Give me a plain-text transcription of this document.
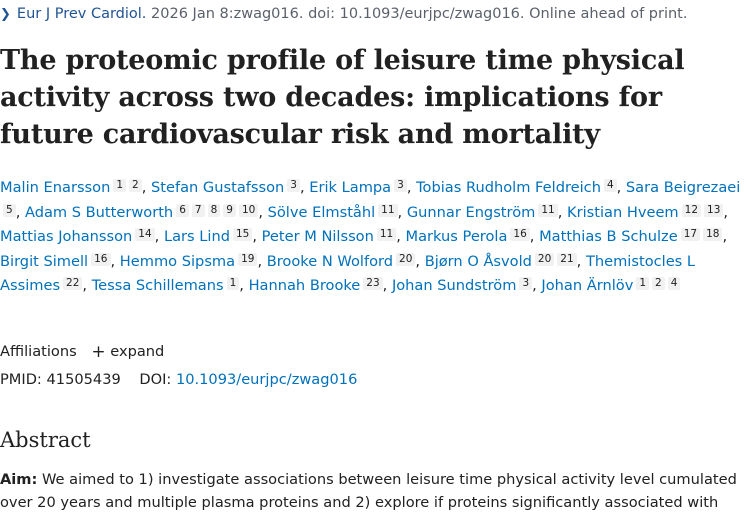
❯ Eur J Prev Cardiol. 2026 Jan 8:zwag016. doi: 10.1093/eurjpc/zwag016. Online ahead of print.
The proteomic profile of leisure time physical activity across two decades: implications for future cardiovascular risk and mortality
Malin Enarsson 1 2 , Stefan Gustafsson 3 , Erik Lampa 3 , Tobias Rudholm Feldreich 4 , Sara Beigrezaei5 , Adam S Butterworth 6 7 8 9 10 , Sölve Elmståhl 11 , Gunnar Engström 11 , Kristian Hveem 12 13 , Mattias Johansson 14 , Lars Lind 15 , Peter M Nilsson 11 , Markus Perola 16 , Matthias B Schulze 17 18 , Birgit Simell 16 , Hemmo Sipsma 19 , Brooke N Wolford 20 , Bjørn O Åsvold 20 21 , Themistocles L Assimes 22 , Tessa Schillemans 1 , Hannah Brooke 23 , Johan Sundström 3 , Johan Ärnlöv 1 2 4
Affiliations + expand
PMID: 41505439 DOI: 10.1093/eurjpc/zwag016
Abstract
Aim: We aimed to 1) investigate associations between leisure time physical activity level cumulated
over 20 years and multiple plasma proteins and 2) explore if proteins significantly associated with
